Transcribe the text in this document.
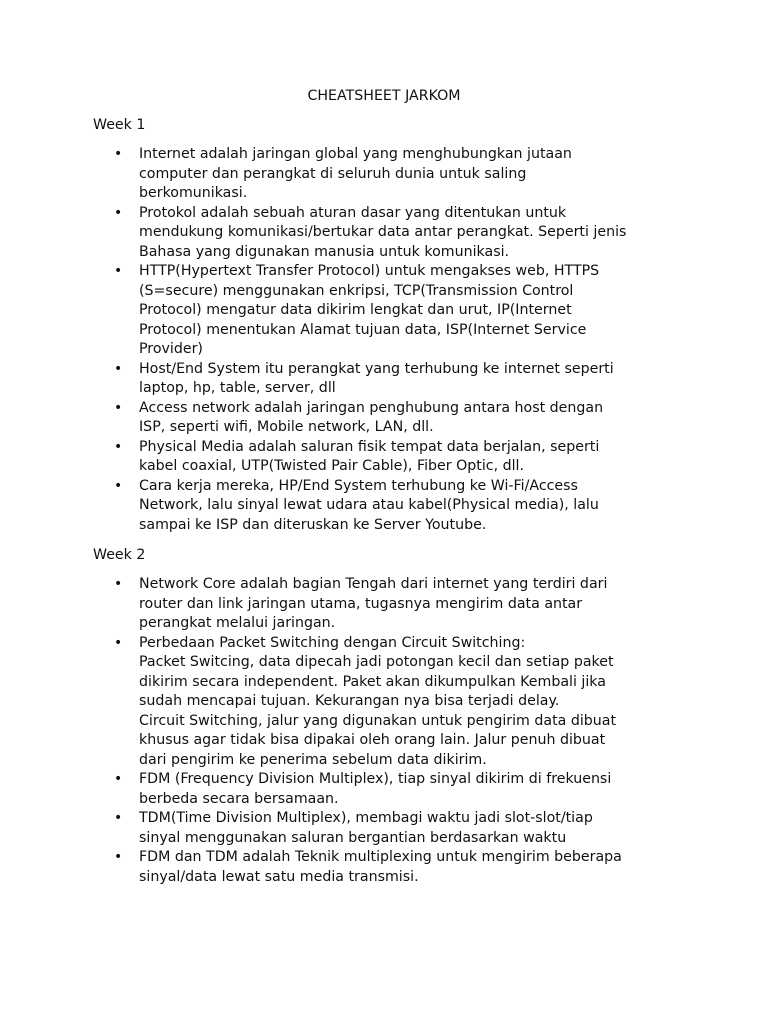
CHEATSHEET JARKOM
Week 1
• Internet adalah jaringan global yang menghubungkan jutaan
computer dan perangkat di seluruh dunia untuk saling
berkomunikasi.
• Protokol adalah sebuah aturan dasar yang ditentukan untuk
mendukung komunikasi/bertukar data antar perangkat. Seperti jenis
Bahasa yang digunakan manusia untuk komunikasi.
• HTTP(Hypertext Transfer Protocol) untuk mengakses web, HTTPS
(S=secure) menggunakan enkripsi, TCP(Transmission Control
Protocol) mengatur data dikirim lengkat dan urut, IP(Internet
Protocol) menentukan Alamat tujuan data, ISP(Internet Service
Provider)
• Host/End System itu perangkat yang terhubung ke internet seperti
laptop, hp, table, server, dll
• Access network adalah jaringan penghubung antara host dengan
ISP, seperti wifi, Mobile network, LAN, dll.
• Physical Media adalah saluran fisik tempat data berjalan, seperti
kabel coaxial, UTP(Twisted Pair Cable), Fiber Optic, dll.
• Cara kerja mereka, HP/End System terhubung ke Wi-Fi/Access
Network, lalu sinyal lewat udara atau kabel(Physical media), lalu
sampai ke ISP dan diteruskan ke Server Youtube.
Week 2
• Network Core adalah bagian Tengah dari internet yang terdiri dari
router dan link jaringan utama, tugasnya mengirim data antar
perangkat melalui jaringan.
• Perbedaan Packet Switching dengan Circuit Switching:
Packet Switcing, data dipecah jadi potongan kecil dan setiap paket
dikirim secara independent. Paket akan dikumpulkan Kembali jika
sudah mencapai tujuan. Kekurangan nya bisa terjadi delay.
Circuit Switching, jalur yang digunakan untuk pengirim data dibuat
khusus agar tidak bisa dipakai oleh orang lain. Jalur penuh dibuat
dari pengirim ke penerima sebelum data dikirim.
• FDM (Frequency Division Multiplex), tiap sinyal dikirim di frekuensi
berbeda secara bersamaan.
• TDM(Time Division Multiplex), membagi waktu jadi slot-slot/tiap
sinyal menggunakan saluran bergantian berdasarkan waktu
• FDM dan TDM adalah Teknik multiplexing untuk mengirim beberapa
sinyal/data lewat satu media transmisi.
